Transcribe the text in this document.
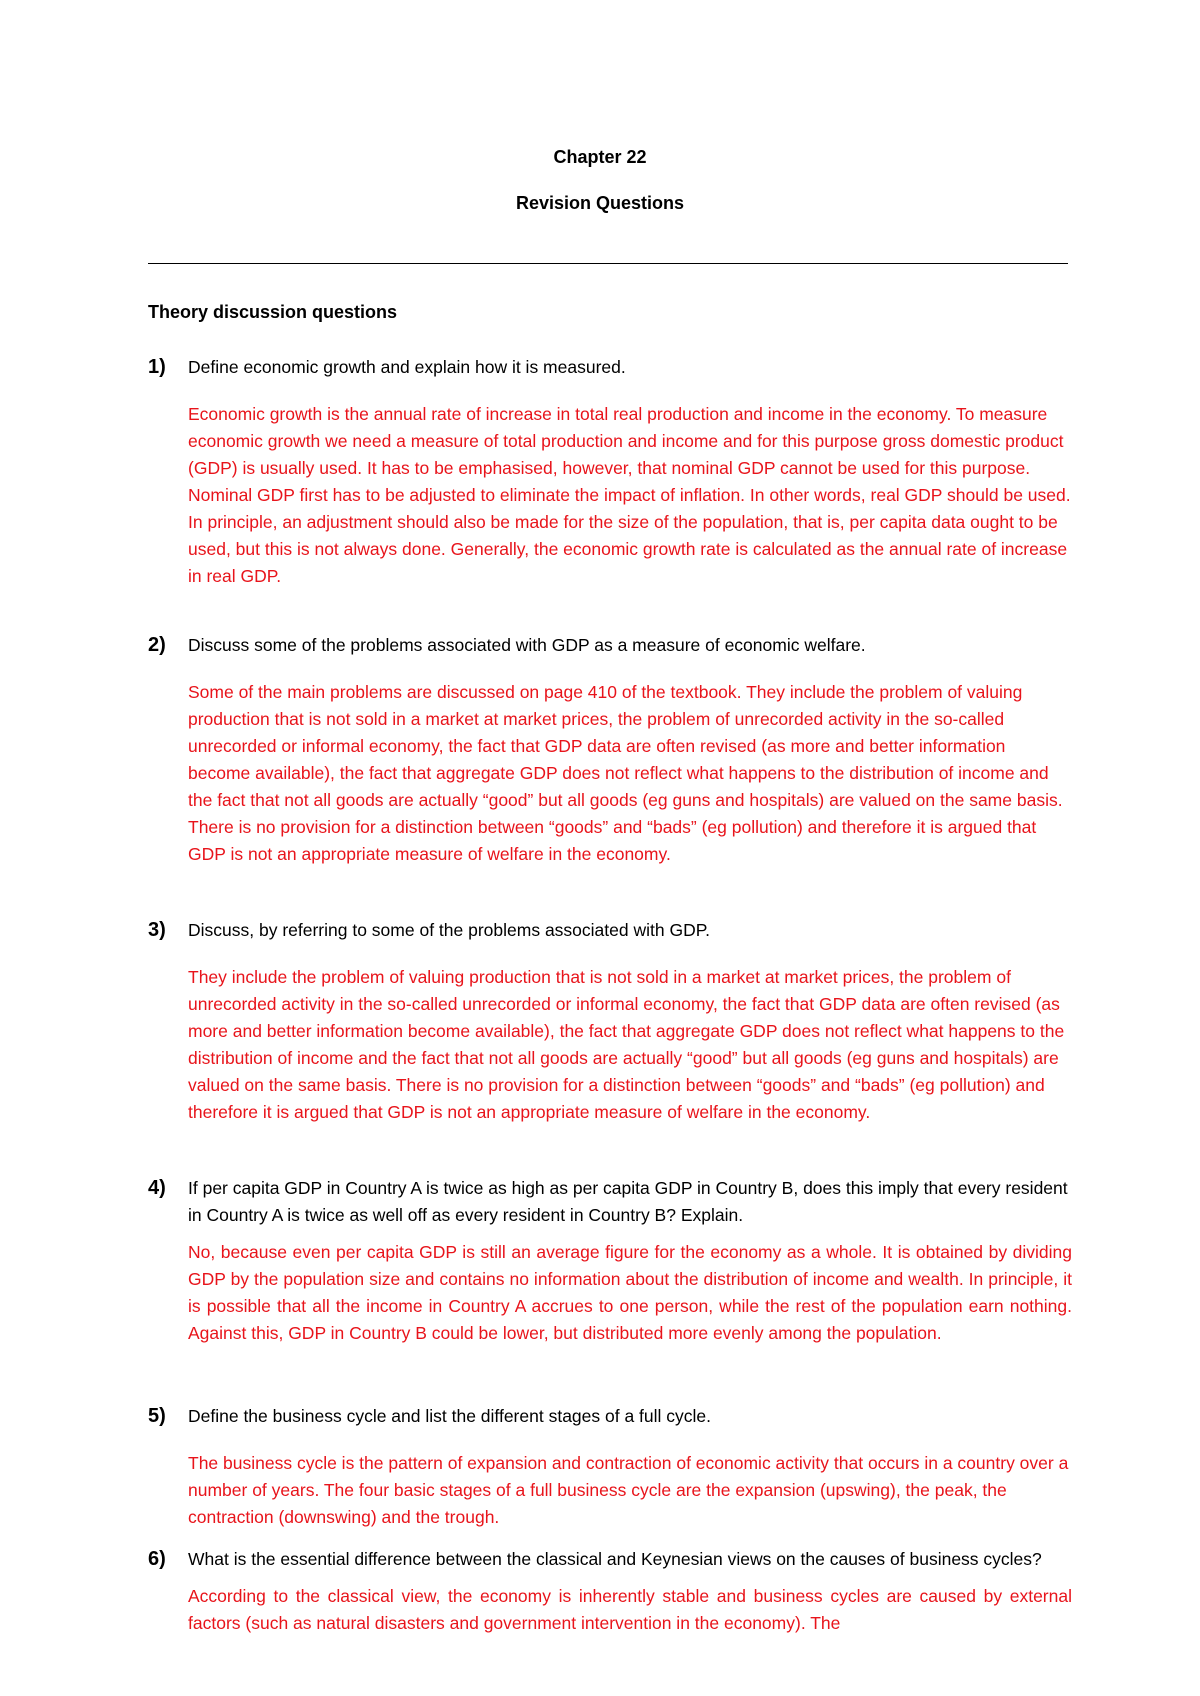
Chapter 22
Revision Questions
Theory discussion questions
1) Define economic growth and explain how it is measured.
Economic growth is the annual rate of increase in total real production and income in the economy. To measure economic growth we need a measure of total production and income and for this purpose gross domestic product (GDP) is usually used. It has to be emphasised, however, that nominal GDP cannot be used for this purpose. Nominal GDP first has to be adjusted to eliminate the impact of inflation. In other words, real GDP should be used. In principle, an adjustment should also be made for the size of the population, that is, per capita data ought to be used, but this is not always done. Generally, the economic growth rate is calculated as the annual rate of increase in real GDP.
2) Discuss some of the problems associated with GDP as a measure of economic welfare.
Some of the main problems are discussed on page 410 of the textbook. They include the problem of valuing production that is not sold in a market at market prices, the problem of unrecorded activity in the so-called unrecorded or informal economy, the fact that GDP data are often revised (as more and better information become available), the fact that aggregate GDP does not reflect what happens to the distribution of income and the fact that not all goods are actually “good” but all goods (eg guns and hospitals) are valued on the same basis. There is no provision for a distinction between “goods” and “bads” (eg pollution) and therefore it is argued that GDP is not an appropriate measure of welfare in the economy.
3) Discuss, by referring to some of the problems associated with GDP.
They include the problem of valuing production that is not sold in a market at market prices, the problem of unrecorded activity in the so-called unrecorded or informal economy, the fact that GDP data are often revised (as more and better information become available), the fact that aggregate GDP does not reflect what happens to the distribution of income and the fact that not all goods are actually “good” but all goods (eg guns and hospitals) are valued on the same basis. There is no provision for a distinction between “goods” and “bads” (eg pollution) and therefore it is argued that GDP is not an appropriate measure of welfare in the economy.
4) If per capita GDP in Country A is twice as high as per capita GDP in Country B, does this imply that every resident in Country A is twice as well off as every resident in Country B? Explain.
No, because even per capita GDP is still an average figure for the economy as a whole. It is obtained by dividing GDP by the population size and contains no information about the distribution of income and wealth. In principle, it is possible that all the income in Country A accrues to one person, while the rest of the population earn nothing. Against this, GDP in Country B could be lower, but distributed more evenly among the population.
5) Define the business cycle and list the different stages of a full cycle.
The business cycle is the pattern of expansion and contraction of economic activity that occurs in a country over a number of years. The four basic stages of a full business cycle are the expansion (upswing), the peak, the contraction (downswing) and the trough.
6) What is the essential difference between the classical and Keynesian views on the causes of business cycles?
According to the classical view, the economy is inherently stable and business cycles are caused by external factors (such as natural disasters and government intervention in the economy). The
